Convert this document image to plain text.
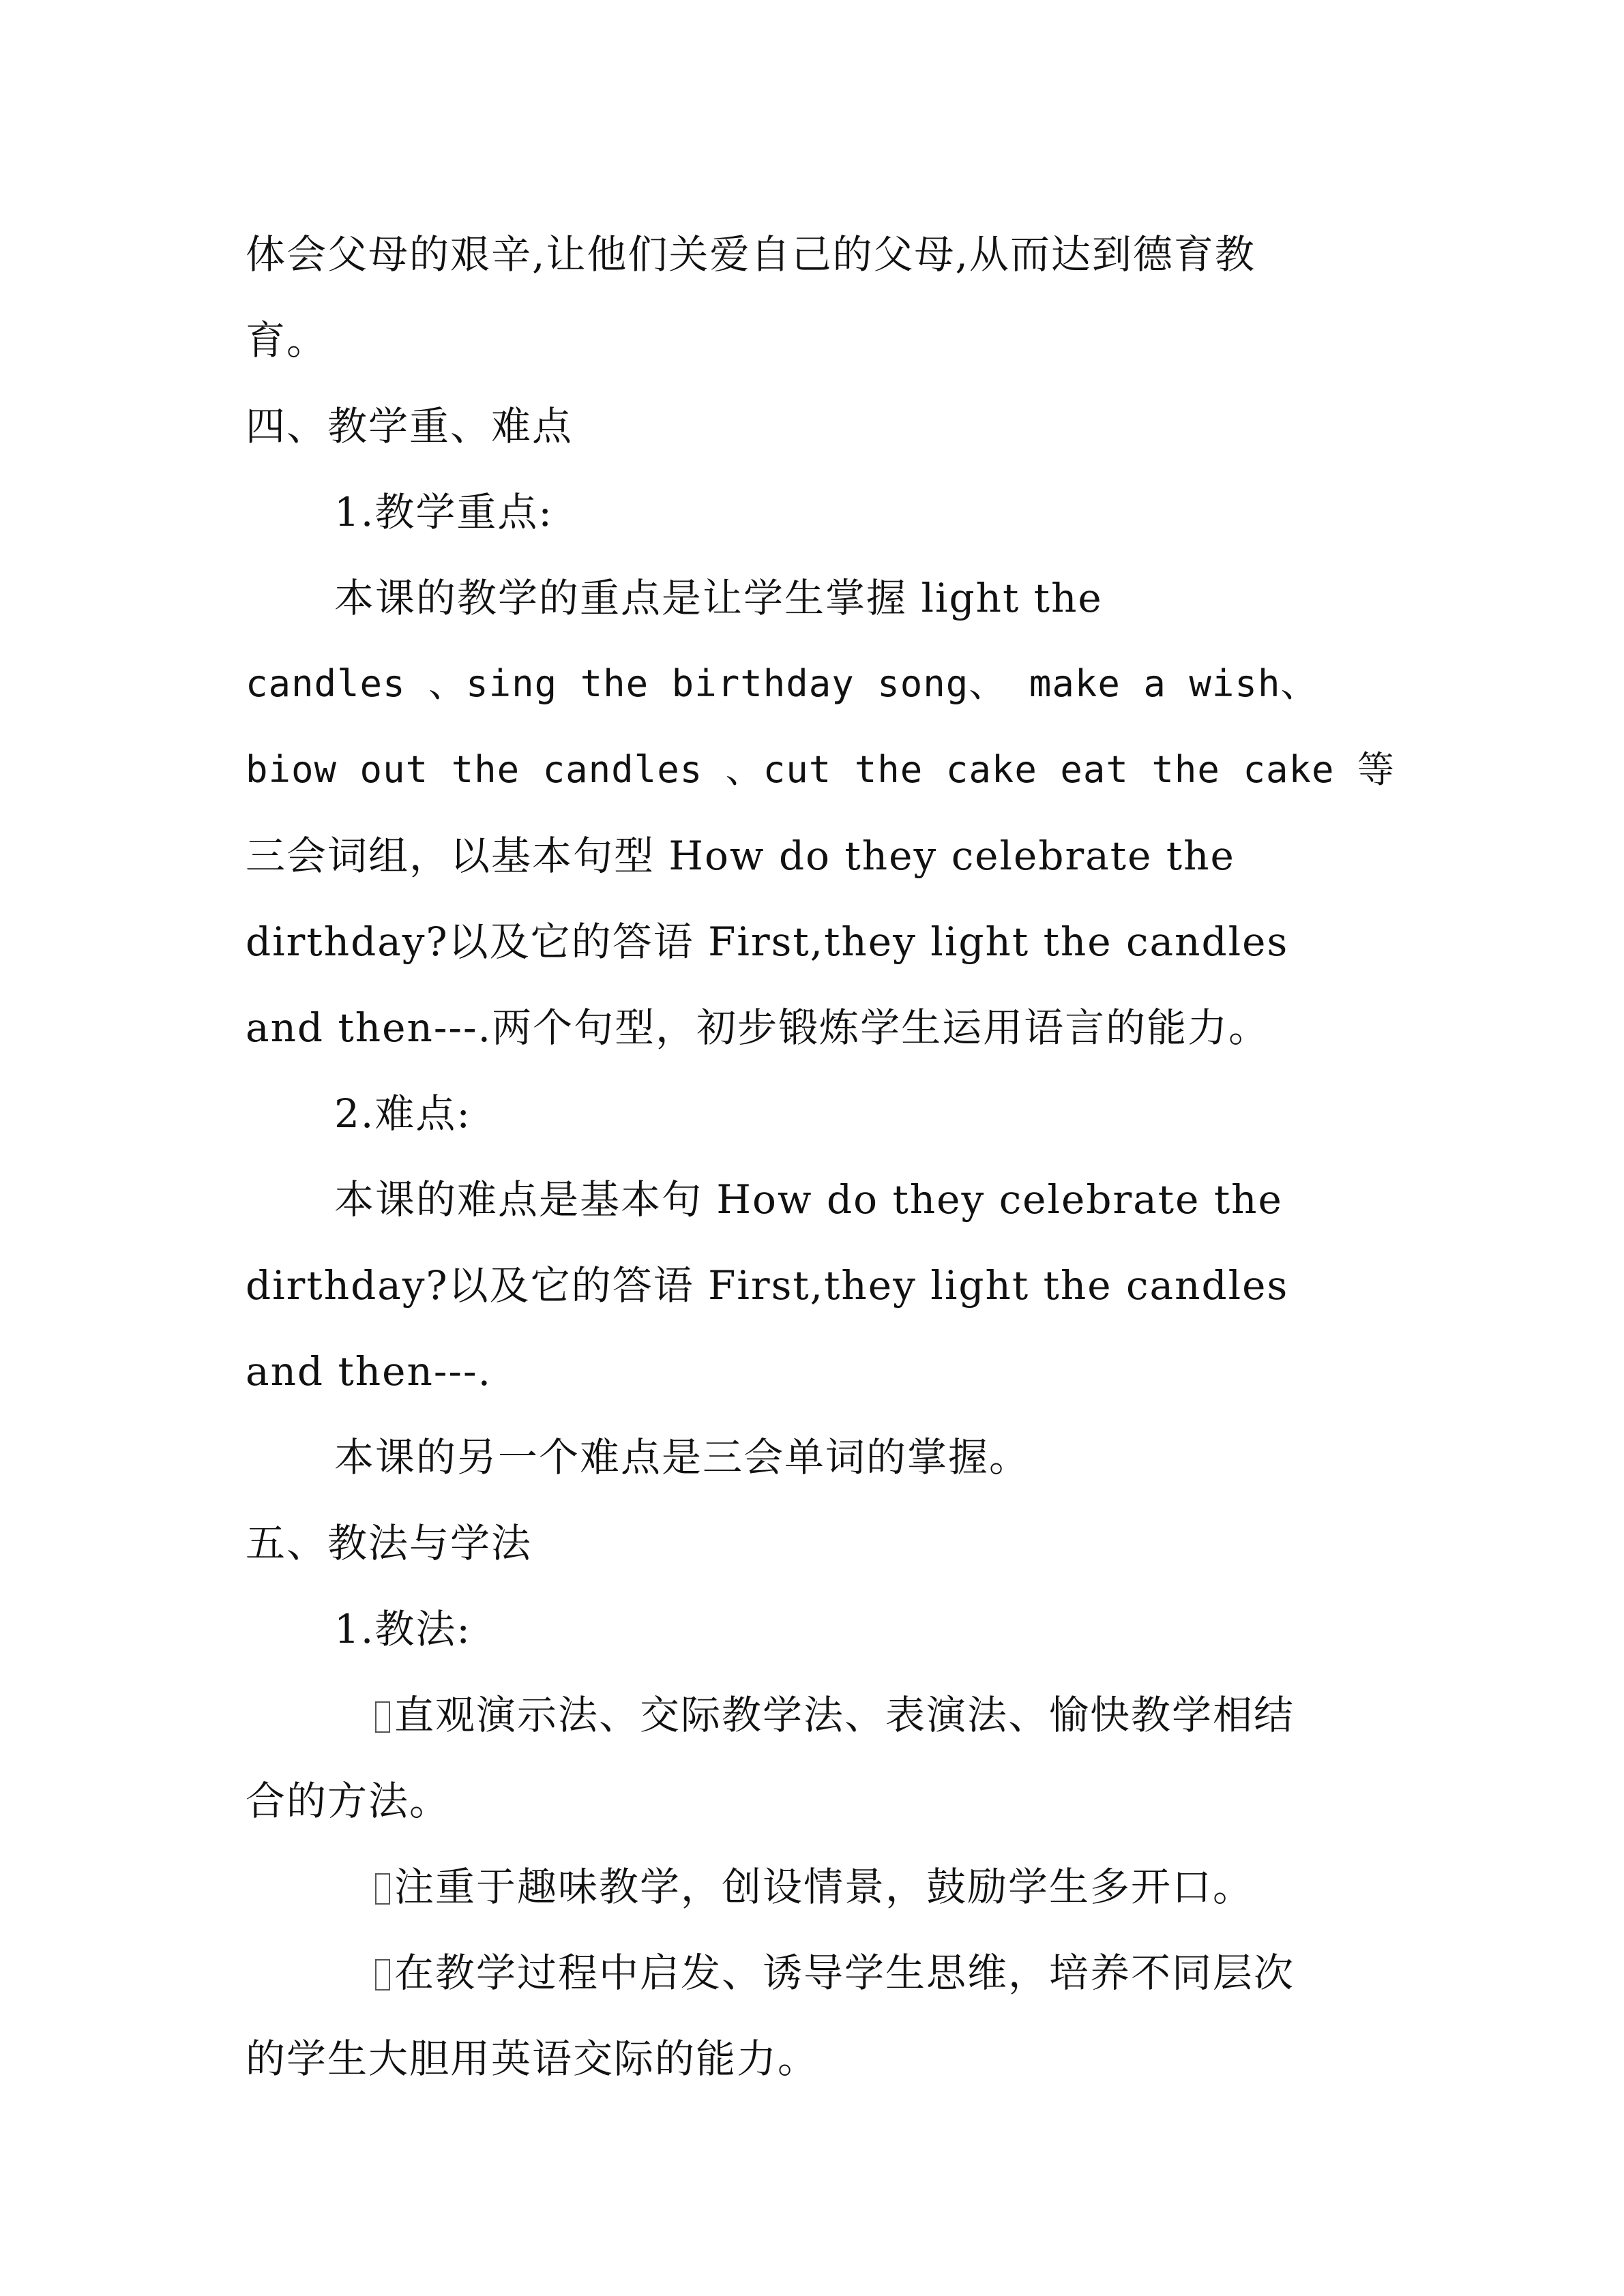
体会父母的艰辛,让他们关爱自己的父母,从而达到德育教

育。

四、教学重、难点

1.教学重点:

本课的教学的重点是让学生掌握 light the

candles 、sing the birthday song、 make a wish、

biow out the candles 、cut the cake eat the cake 等

三会词组，以基本句型 How do they celebrate the

dirthday?以及它的答语 First,they light the candles

and then---.两个句型，初步锻炼学生运用语言的能力。

2.难点:

本课的难点是基本句 How do they celebrate the

dirthday?以及它的答语 First,they light the candles

and then---.

本课的另一个难点是三会单词的掌握。

五、教法与学法

1.教法:

直观演示法、交际教学法、表演法、愉快教学相结

合的方法。

注重于趣味教学，创设情景，鼓励学生多开口。

在教学过程中启发、诱导学生思维，培养不同层次

的学生大胆用英语交际的能力。
